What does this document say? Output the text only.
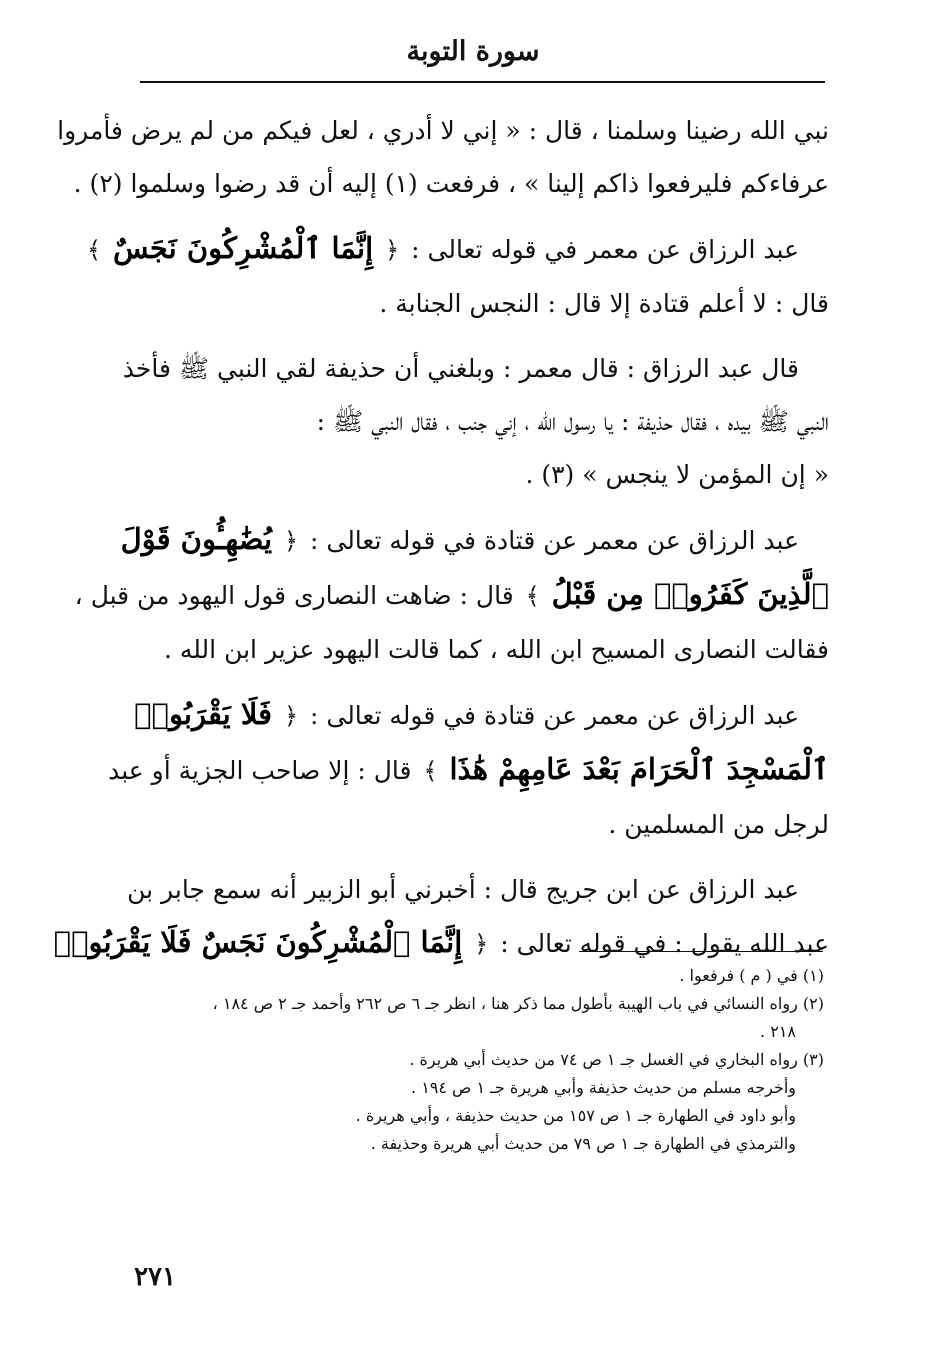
سورة التوبة

نبي الله رضينا وسلمنا ، قال : « إني لا أدري ، لعل فيكم من لم يرض فأمروا
عرفاءكم فليرفعوا ذاكم إلينا » ، فرفعت (١) إليه أن قد رضوا وسلموا (٢) .

عبد الرزاق عن معمر في قوله تعالى : ﴿ إِنَّمَا ٱلْمُشْرِكُونَ نَجَسٌ ﴾
قال : لا أعلم قتادة إلا قال : النجس الجنابة .

قال عبد الرزاق : قال معمر : وبلغني أن حذيفة لقي النبي ﷺ فأخذ
النبي ﷺ بيده ، فقال حذيفة : يا رسول الله ، إني جنب ، فقال النبي ﷺ :
« إن المؤمن لا ينجس » (٣) .

عبد الرزاق عن معمر عن قتادة في قوله تعالى : ﴿ يُضَٰهِـُٔونَ قَوْلَ
ٱلَّذِينَ كَفَرُوا۟ مِن قَبْلُ ﴾ قال : ضاهت النصارى قول اليهود من قبل ،
فقالت النصارى المسيح ابن الله ، كما قالت اليهود عزير ابن الله .

عبد الرزاق عن معمر عن قتادة في قوله تعالى : ﴿ فَلَا يَقْرَبُوا۟
ٱلْمَسْجِدَ ٱلْحَرَامَ بَعْدَ عَامِهِمْ هَٰذَا ﴾ قال : إلا صاحب الجزية أو عبد
لرجل من المسلمين .

عبد الرزاق عن ابن جريج قال : أخبرني أبو الزبير أنه سمع جابر بن
عبد الله يقول : في قوله تعالى : ﴿ إِنَّمَا ٱلْمُشْرِكُونَ نَجَسٌ فَلَا يَقْرَبُوا۟

(١) في ( م ) فرفعوا .
(٢) رواه النسائي في باب الهيبة بأطول مما ذكر هنا ، انظر جـ ٦ ص ٢٦٢ وأحمد جـ ٢ ص ١٨٤ ،
٢١٨ .
(٣) رواه البخاري في الغسل جـ ١ ص ٧٤ من حديث أبي هريرة .
وأخرجه مسلم من حديث حذيفة وأبي هريرة جـ ١ ص ١٩٤ .
وأبو داود في الطهارة جـ ١ ص ١٥٧ من حديث حذيفة ، وأبي هريرة .
والترمذي في الطهارة جـ ١ ص ٧٩ من حديث أبي هريرة وحذيفة .
٢٧١
